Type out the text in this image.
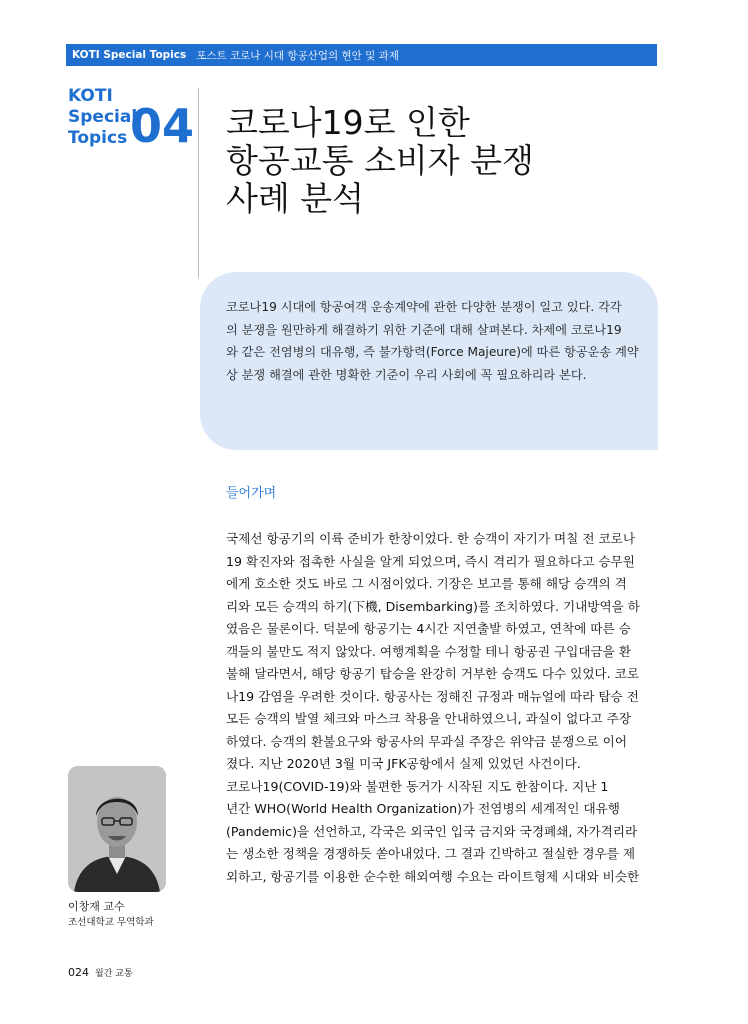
KOTI Special Topics 포스트 코로나 시대 항공산업의 현안 및 과제
KOTI
Special
Topics 04 코로나19로 인한
항공교통 소비자 분쟁
사례 분석
코로나19 시대에 항공여객 운송계약에 관한 다양한 분쟁이 일고 있다. 각각
의 분쟁을 원만하게 해결하기 위한 기준에 대해 살펴본다. 차제에 코로나19
와 같은 전염병의 대유행, 즉 불가항력(Force Majeure)에 따른 항공운송 계약
상 분쟁 해결에 관한 명확한 기준이 우리 사회에 꼭 필요하리라 본다.
들어가며
국제선 항공기의 이륙 준비가 한창이었다. 한 승객이 자기가 며칠 전 코로나
19 확진자와 접촉한 사실을 알게 되었으며, 즉시 격리가 필요하다고 승무원
에게 호소한 것도 바로 그 시점이었다. 기장은 보고를 통해 해당 승객의 격
리와 모든 승객의 하기(下機, Disembarking)를 조치하였다. 기내방역을 하
였음은 물론이다. 덕분에 항공기는 4시간 지연출발 하였고, 연착에 따른 승
객들의 불만도 적지 않았다. 여행계획을 수정할 테니 항공권 구입대금을 환
불해 달라면서, 해당 항공기 탑승을 완강히 거부한 승객도 다수 있었다. 코로
나19 감염을 우려한 것이다. 항공사는 정해진 규정과 매뉴얼에 따라 탑승 전
모든 승객의 발열 체크와 마스크 착용을 안내하였으니, 과실이 없다고 주장
하였다. 승객의 환불요구와 항공사의 무과실 주장은 위약금 분쟁으로 이어
졌다. 지난 2020년 3월 미국 JFK공항에서 실제 있었던 사건이다.
코로나19(COVID-19)와 불편한 동거가 시작된 지도 한참이다. 지난 1
년간 WHO(World Health Organization)가 전염병의 세계적인 대유행
(Pandemic)을 선언하고, 각국은 외국인 입국 금지와 국경폐쇄, 자가격리라
는 생소한 정책을 경쟁하듯 쏟아내었다. 그 결과 긴박하고 절실한 경우를 제
외하고, 항공기를 이용한 순수한 해외여행 수요는 라이트형제 시대와 비슷한
이창재 교수
조선대학교 무역학과
024 월간 교통
